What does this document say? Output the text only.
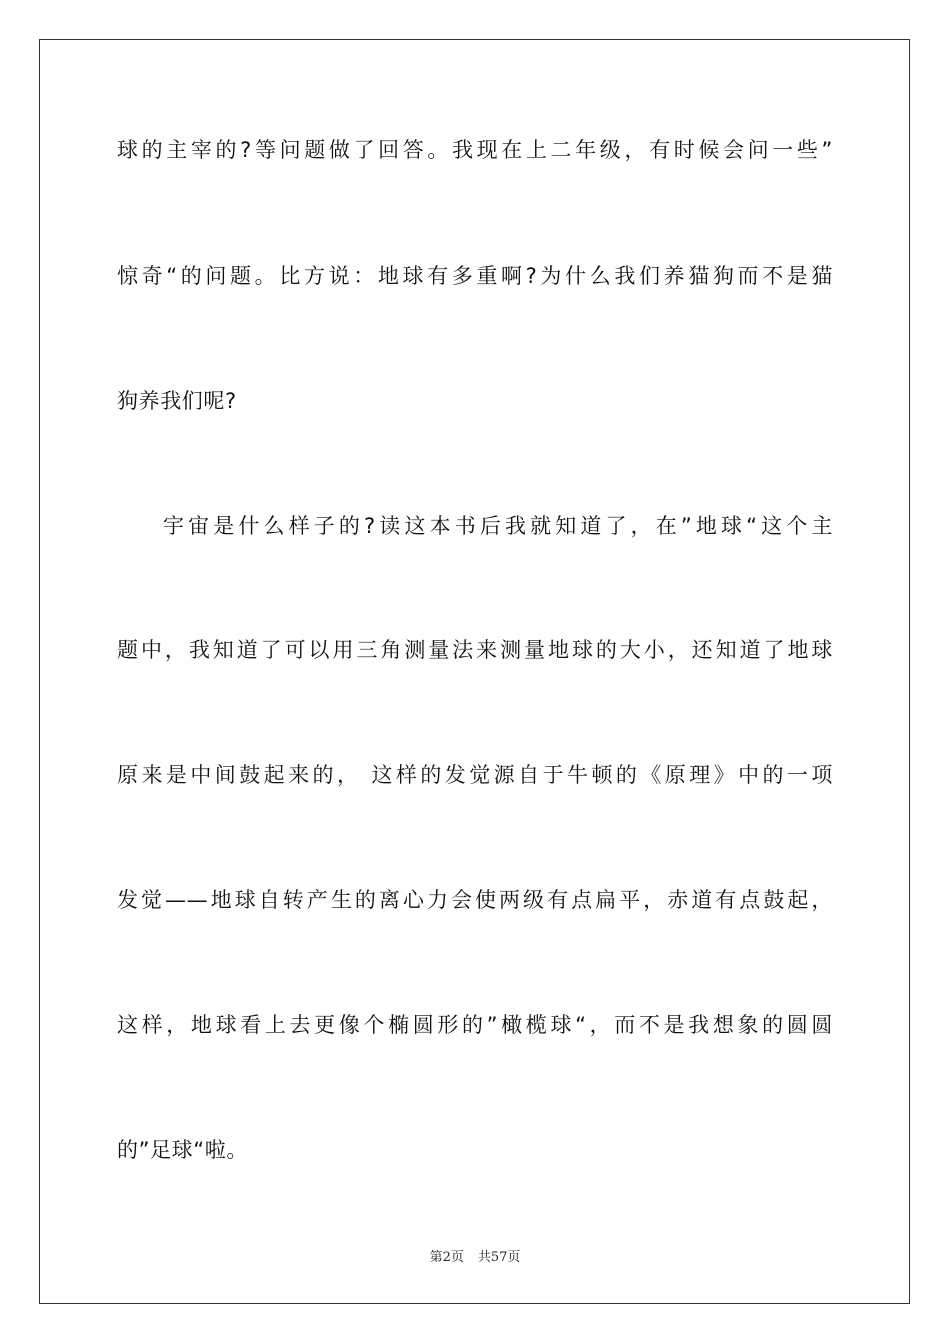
球的主宰的?等问题做了回答。我现在上二年级，有时候会问一些”
惊奇“的问题。比方说：地球有多重啊?为什么我们养猫狗而不是猫
狗养我们呢?
宇宙是什么样子的?读这本书后我就知道了，在”地球“这个主
题中，我知道了可以用三角测量法来测量地球的大小，还知道了地球
原来是中间鼓起来的， 这样的发觉源自于牛顿的《原理》中的一项
发觉——地球自转产生的离心力会使两级有点扁平，赤道有点鼓起，
这样，地球看上去更像个椭圆形的”橄榄球“，而不是我想象的圆圆
的”足球“啦。
第2页 共57页
